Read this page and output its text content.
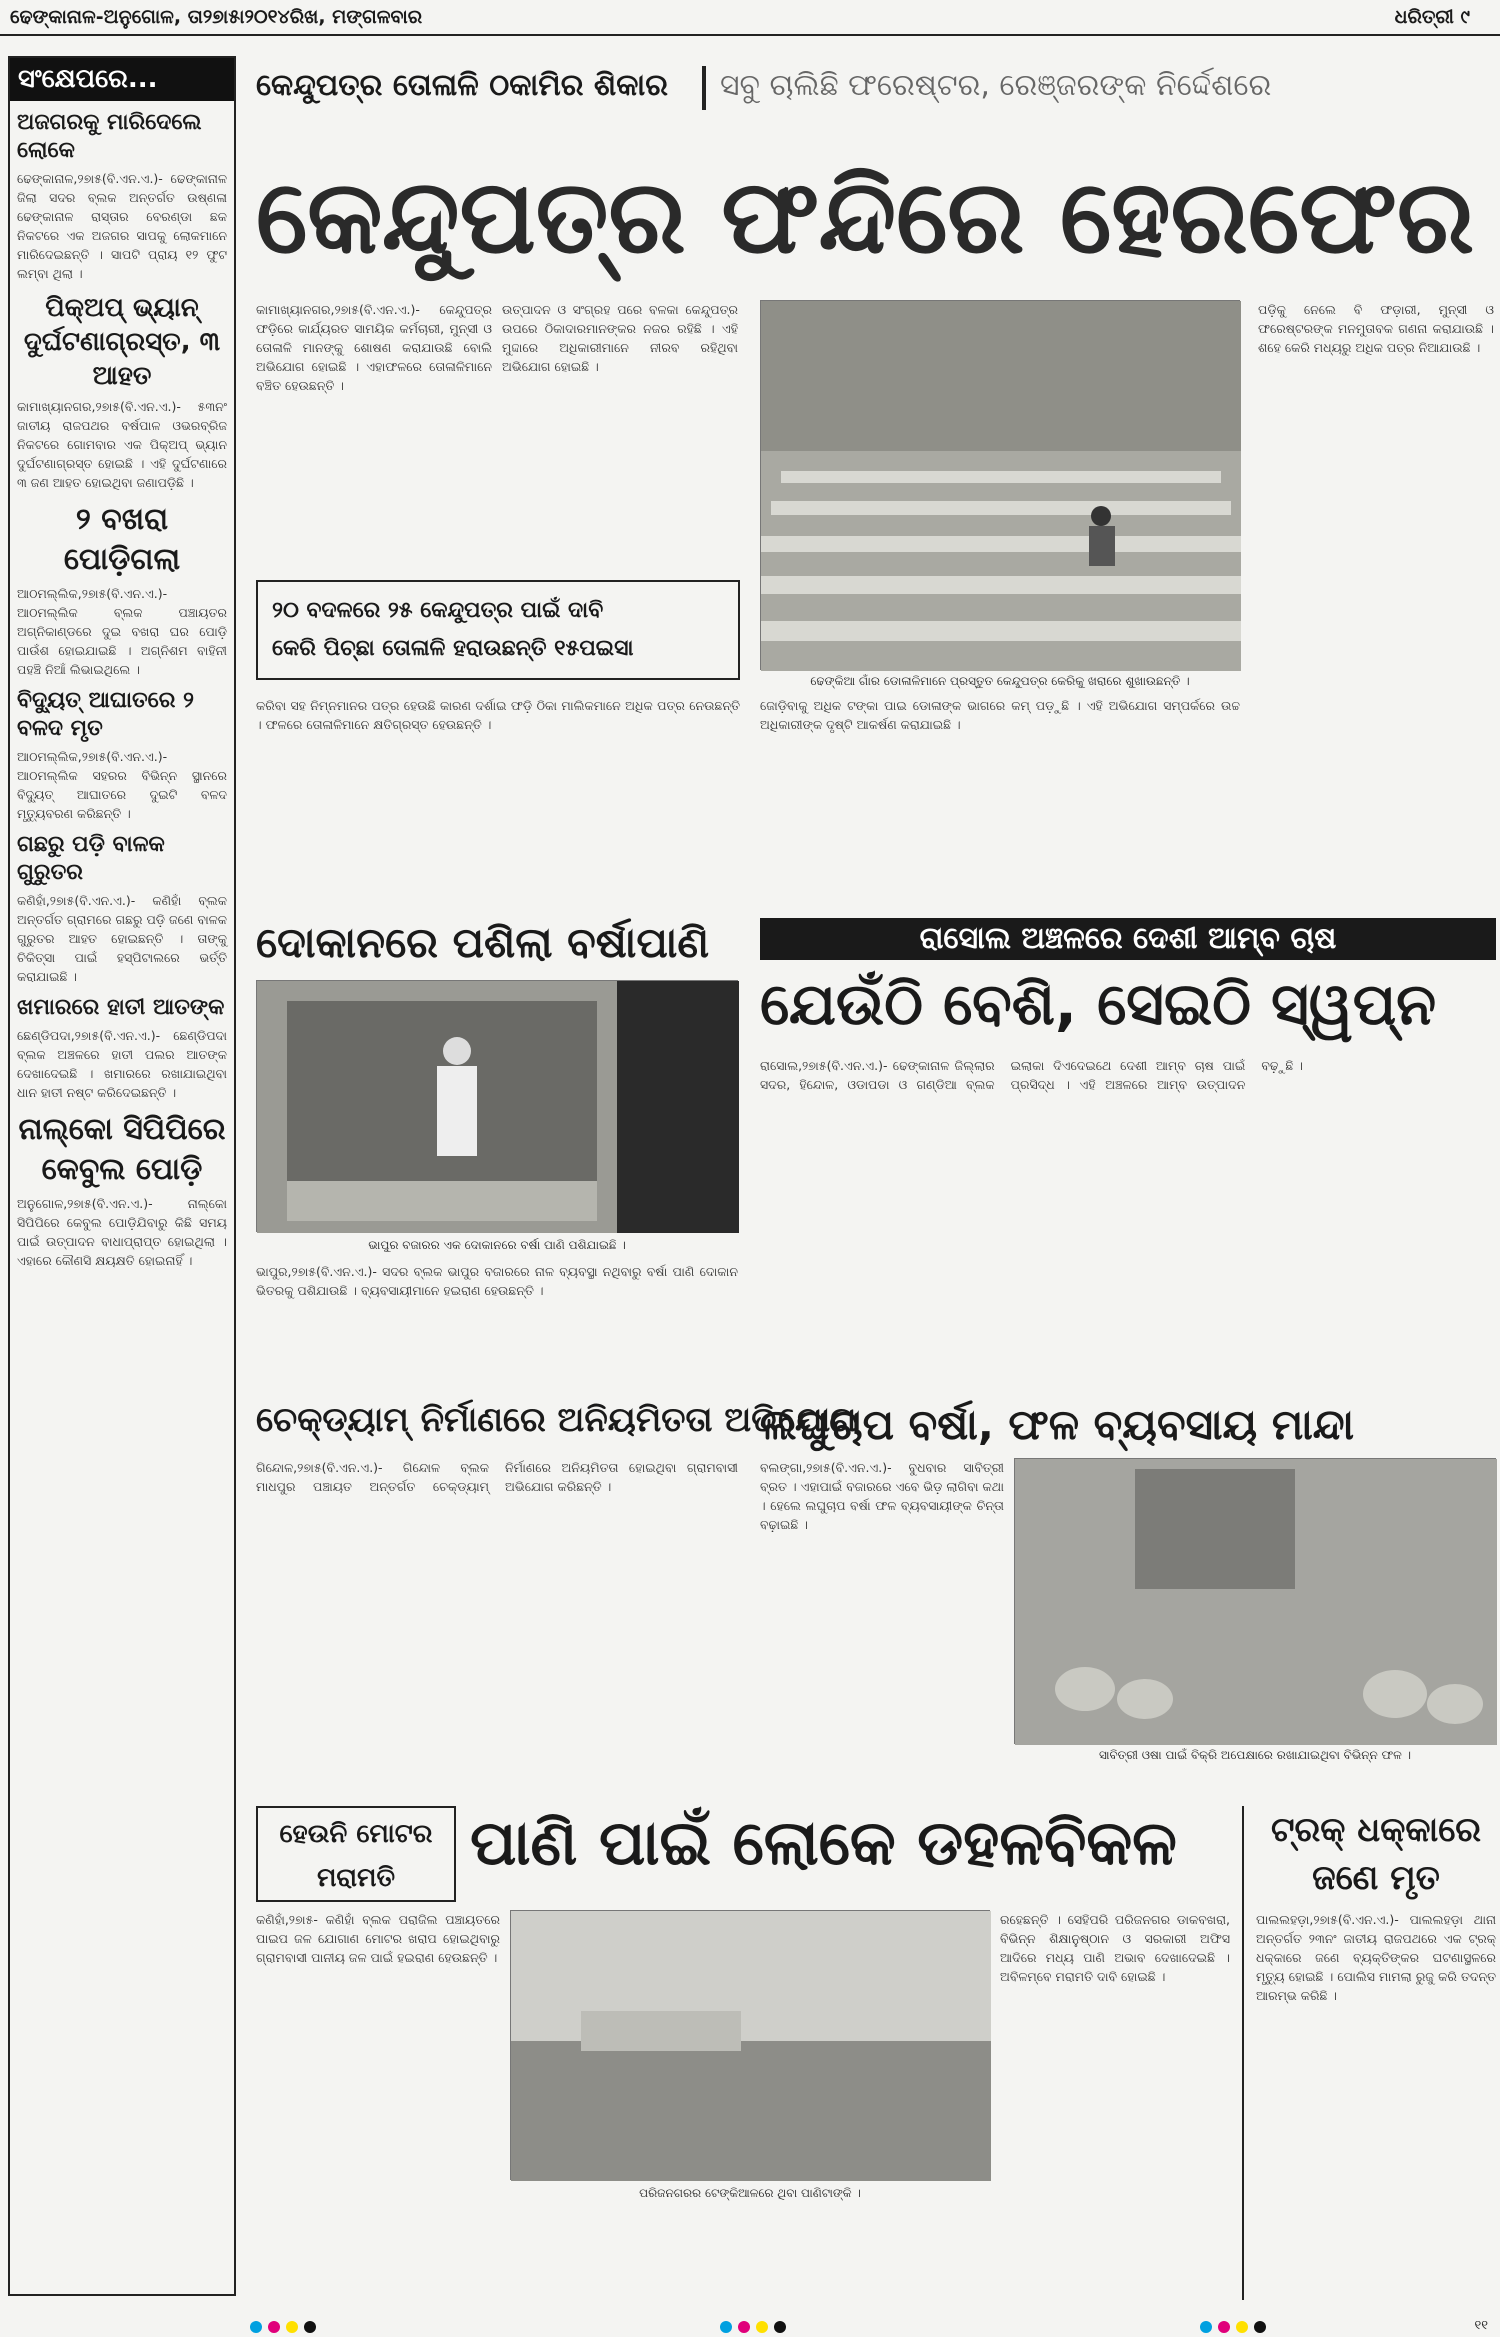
ଢେଙ୍କାନାଳ-ଅନୁଗୋଳ, ତା୨୭ା୫ା୨୦୧୪ରିଖ, ମଙ୍ଗଳବାର	ଧରିତ୍ରୀ ୯
ସଂକ୍ଷେପରେ...
ଅଜଗରକୁ ମାରିଦେଲେ ଲୋକେ
ଢେଙ୍କାନାଳ,୨୭ା୫(ବି.ଏନ.ଏ.)- ଢେଙ୍କାନାଳ ଜିଲା ସଦର ବ୍ଲକ ଅନ୍ତର୍ଗତ ଉଷ୍ଣଳା ଢେଙ୍କାନାଳ ରାସ୍ତାର ବେରଣ୍ଡା ଛକ ନିକଟରେ ଏକ ଅଜଗର ସାପକୁ ଲୋକମାନେ ମାରିଦେଇଛନ୍ତି । ସାପଟି ପ୍ରାୟ ୧୨ ଫୁଟ ଲମ୍ବା ଥିଲା ।
ପିକ୍‌ଅପ୍‌ ଭ୍ୟାନ୍‌ ଦୁର୍ଘଟଣାଗ୍ରସ୍ତ, ୩ ଆହତ
କାମାଖ୍ୟାନଗର,୨୭ା୫(ବି.ଏନ.ଏ.)- ୫୩ନଂ ଜାତୀୟ ରାଜପଥର ବର୍ଷପାଳ ଓଭରବ୍ରିଜ ନିକଟରେ ଗୋମବାର ଏକ ପିକ୍‌ଅପ୍‌ ଭ୍ୟାନ ଦୁର୍ଘଟଣାଗ୍ରସ୍ତ ହୋଇଛି । ଏହି ଦୁର୍ଘଟଣାରେ ୩ ଜଣ ଆହତ ହୋଇଥିବା ଜଣାପଡ଼ିଛି ।
୨ ବଖରା ପୋଡ଼ିଗଲା
ଆଠମଲ୍ଲିକ,୨୭ା୫(ବି.ଏନ.ଏ.)- ଆଠମଲ୍ଲିକ ବ୍ଲକ ପଞ୍ଚାୟତର ଅଗ୍ନିକାଣ୍ଡରେ ଦୁଇ ବଖରା ଘର ପୋଡ଼ି ପାଉଁଶ ହୋଇଯାଇଛି । ଅଗ୍ନିଶମ ବାହିନୀ ପହଞ୍ଚି ନିଆଁ ଲିଭାଇଥିଲେ ।
ବିଦ୍ୟୁତ୍‌ ଆଘାତରେ ୨ ବଳଦ ମୃତ
ଆଠମଲ୍ଲିକ,୨୭ା୫(ବି.ଏନ.ଏ.)- ଆଠମଲ୍ଲିକ ସହରର ବିଭିନ୍ନ ସ୍ଥାନରେ ବିଦ୍ୟୁତ୍‌ ଆଘାତରେ ଦୁଇଟି ବଳଦ ମୃତ୍ୟୁବରଣ କରିଛନ୍ତି ।
ଗଛରୁ ପଡ଼ି ବାଳକ ଗୁରୁତର
କଣିହାଁ,୨୭ା୫(ବି.ଏନ.ଏ.)- କଣିହାଁ ବ୍ଲକ ଅନ୍ତର୍ଗତ ଗ୍ରାମରେ ଗଛରୁ ପଡ଼ି ଜଣେ ବାଳକ ଗୁରୁତର ଆହତ ହୋଇଛନ୍ତି । ତାଙ୍କୁ ଚିକିତ୍ସା ପାଇଁ ହସ୍ପିଟାଲରେ ଭର୍ତ୍ତି କରାଯାଇଛି ।
ଖମାରରେ ହାତୀ ଆତଙ୍କ
ଛେଣ୍ଡିପଦା,୨୭ା୫(ବି.ଏନ.ଏ.)- ଛେଣ୍ଡିପଦା ବ୍ଲକ ଅଞ୍ଚଳରେ ହାତୀ ପଲର ଆତଙ୍କ ଦେଖାଦେଇଛି । ଖମାରରେ ରଖାଯାଇଥିବା ଧାନ ହାତୀ ନଷ୍ଟ କରିଦେଇଛନ୍ତି ।
ନାଲ୍‌କୋ ସିପିପିରେ କେବୁଲ ପୋଡ଼ି
ଅନୁଗୋଳ,୨୭ା୫(ବି.ଏନ.ଏ.)- ନାଲ୍‌କୋ ସିପିପିରେ କେବୁଲ ପୋଡ଼ିଯିବାରୁ କିଛି ସମୟ ପାଇଁ ଉତ୍ପାଦନ ବାଧାପ୍ରାପ୍ତ ହୋଇଥିଲା । ଏହାରେ କୌଣସି କ୍ଷୟକ୍ଷତି ହୋଇନାହିଁ ।
କେନ୍ଦୁପତ୍ର ତୋଳାଳି ଠକାମିର ଶିକାର ସବୁ ଚାଲିଛି ଫରେଷ୍ଟର, ରେଞ୍ଜରଙ୍କ ନିର୍ଦ୍ଦେଶରେ
କେନ୍ଦୁପତ୍ର ଫନ୍ଦିରେ ହେରଫେର
କାମାଖ୍ୟାନଗର,୨୭ା୫(ବି.ଏନ.ଏ.)- କେନ୍ଦୁପତ୍ର ଫଡ଼ିରେ କାର୍ଯ୍ୟରତ ସାମୟିକ କର୍ମଚାରୀ, ମୁନ୍‌ସୀ ଓ ତୋଳାଳି ମାନଙ୍କୁ ଶୋଷଣ କରାଯାଉଛି ବୋଲି ଅଭିଯୋଗ ହୋଇଛି । ଏହାଫଳରେ ତୋଳାଳିମାନେ ବଞ୍ଚିତ ହେଉଛନ୍ତି ।
ଉତ୍ପାଦନ ଓ ସଂଗ୍ରହ ପରେ ବଳକା କେନ୍ଦୁପତ୍ର ଉପରେ ଠିକାଦାରମାନଙ୍କର ନଜର ରହିଛି । ଏହି ମୁଦ୍ଦାରେ ଅଧିକାରୀମାନେ ନୀରବ ରହିଥିବା ଅଭିଯୋଗ ହୋଇଛି ।
୨୦ ବଦଳରେ ୨୫ କେନ୍ଦୁପତ୍ର ପାଇଁ ଦାବି
କେରି ପିଚ୍ଛା ତୋଳାଳି ହରାଉଛନ୍ତି ୧୫ପଇସା
କରିବା ସହ ନିମ୍ନମାନର ପତ୍ର ହେଉଛି କାରଣ ଦର୍ଶାଇ ଫଡ଼ି ଠିକା ମାଲିକମାନେ ଅଧିକ ପତ୍ର ନେଉଛନ୍ତି । ଫଳରେ ତୋଳାଳିମାନେ କ୍ଷତିଗ୍ରସ୍ତ ହେଉଛନ୍ତି ।
ଢେଙ୍କିଆ ଗାଁର ଡୋଳାଳିମାନେ ପ୍ରସ୍ତୁତ କେନ୍ଦୁପତ୍ର କେରିକୁ ଖରାରେ ଶୁଖାଉଛନ୍ତି ।
ପଡ଼ିକୁ ନେଲେ ବି ଫଡ଼ାରୀ, ମୁନ୍‌ସୀ ଓ ଫରେଷ୍ଟରଙ୍କ ମନମୁତାବକ ଗଣନା କରାଯାଉଛି । ଶହେ କେରି ମଧ୍ୟରୁ ଅଧିକ ପତ୍ର ନିଆଯାଉଛି ।
ଜୋଡ଼ିବାକୁ ଅଧିକ ଟଙ୍କା ପାଇ ଡୋଳାଙ୍କ ଭାଗରେ କମ୍‌ ପଡ଼ୁଛି । ଏହି ଅଭିଯୋଗ ସମ୍ପର୍କରେ ଉଚ୍ଚ ଅଧିକାରୀଙ୍କ ଦୃଷ୍ଟି ଆକର୍ଷଣ କରାଯାଇଛି ।
ଦୋକାନରେ ପଶିଲା ବର୍ଷାପାଣି
ଭାପୁର ବଜାରର ଏକ ଦୋକାନରେ ବର୍ଷା ପାଣି ପଶିଯାଇଛି ।
ଭାପୁର,୨୭ା୫(ବି.ଏନ.ଏ.)- ସଦର ବ୍ଲକ ଭାପୁର ବଜାରରେ ନାଳ ବ୍ୟବସ୍ଥା ନଥିବାରୁ ବର୍ଷା ପାଣି ଦୋକାନ ଭିତରକୁ ପଶିଯାଉଛି । ବ୍ୟବସାୟୀମାନେ ହଇରାଣ ହେଉଛନ୍ତି ।
ରାସୋଲ ଅଞ୍ଚଳରେ ଦେଶୀ ଆମ୍ବ ଚାଷ
ଯେଉଁଠି ବେଶି, ସେଇଠି ସ୍ୱପ୍ନ
ରାସୋଲ,୨୭ା୫(ବି.ଏନ.ଏ.)- ଢେଙ୍କାନାଳ ଜିଲ୍ଲାର ସଦର, ହିନ୍ଦୋଳ, ଓଡାପଡା ଓ ଗଣ୍ଡିଆ ବ୍ଲକ ଇଲାକା ଦିଏଦେଇଥେ ଦେଶୀ ଆମ୍ବ ଚାଷ ପାଇଁ ପ୍ରସିଦ୍ଧ । ଏହି ଅଞ୍ଚଳରେ ଆମ୍ବ ଉତ୍ପାଦନ ବଢ଼ୁଛି ।
ଚେକ୍‌ଡ୍ୟାମ୍‌ ନିର୍ମାଣରେ ଅନିୟମିତତା ଅଭିଯୋଗ
ଗିନ୍ଦୋଳ,୨୭ା୫(ବି.ଏନ.ଏ.)- ଗିନ୍ଦୋଳ ବ୍ଲକ ମାଧପୁର ପଞ୍ଚାୟତ ଅନ୍ତର୍ଗତ ଚେକ୍‌ଡ୍ୟାମ୍‌ ନିର୍ମାଣରେ ଅନିୟମିତତା ହୋଇଥିବା ଗ୍ରାମବାସୀ ଅଭିଯୋଗ କରିଛନ୍ତି ।
ଲଘୁଚାପ ବର୍ଷା, ଫଳ ବ୍ୟବସାୟ ମାନ୍ଦା
ବଲଙ୍ଗା,୨୭ା୫(ବି.ଏନ.ଏ.)- ବୁଧବାର ସାବିତ୍ରୀ ବ୍ରତ । ଏହାପାଇଁ ବଜାରରେ ଏବେ ଭିଡ଼ ଲାଗିବା କଥା । ହେଲେ ଲଘୁଚାପ ବର୍ଷା ଫଳ ବ୍ୟବସାୟୀଙ୍କ ଚିନ୍ତା ବଢ଼ାଇଛି ।
ସାବିତ୍ରୀ ଓଷା ପାଇଁ ବିକ୍ରି ଅପେକ୍ଷାରେ ରଖାଯାଇଥିବା ବିଭିନ୍ନ ଫଳ ।
ହେଉନି ମୋଟର ମରାମତି	ପାଣି ପାଇଁ ଲୋକେ ଡହଳବିକଳ
କଣିହାଁ,୨୭ା୫- କଣିହାଁ ବ୍ଲକ ପରାଜିଲ ପଞ୍ଚାୟତରେ ପାଇପ ଜଳ ଯୋଗାଣ ମୋଟର ଖରାପ ହୋଇଥିବାରୁ ଗ୍ରାମବାସୀ ପାନୀୟ ଜଳ ପାଇଁ ହଇରାଣ ହେଉଛନ୍ତି ।
ପରିଜନଗରର ଟେଙ୍କିଆଳରେ ଥିବା ପାଣିଟାଙ୍କି ।
ରହେଛନ୍ତି । ସେହିପରି ପରିଜନଗର ଡାକବଖରା, ବିଭିନ୍ନ ଶିକ୍ଷାନୁଷ୍ଠାନ ଓ ସରକାରୀ ଅଫିସ ଆଦିରେ ମଧ୍ୟ ପାଣି ଅଭାବ ଦେଖାଦେଇଛି । ଅବିଳମ୍ବେ ମରାମତି ଦାବି ହୋଇଛି ।
ଟ୍ରକ୍‌ ଧକ୍କାରେ ଜଣେ ମୃତ
ପାଲଲହଡ଼ା,୨୭ା୫(ବି.ଏନ.ଏ.)- ପାଲଲହଡ଼ା ଥାନା ଅନ୍ତର୍ଗତ ୨୩ନଂ ଜାତୀୟ ରାଜପଥରେ ଏକ ଟ୍ରକ୍‌ ଧକ୍କାରେ ଜଣେ ବ୍ୟକ୍ତିଙ୍କର ଘଟଣାସ୍ଥଳରେ ମୃତ୍ୟୁ ହୋଇଛି । ପୋଲିସ ମାମଲା ରୁଜୁ କରି ତଦନ୍ତ ଆରମ୍ଭ କରିଛି ।
୧୧
